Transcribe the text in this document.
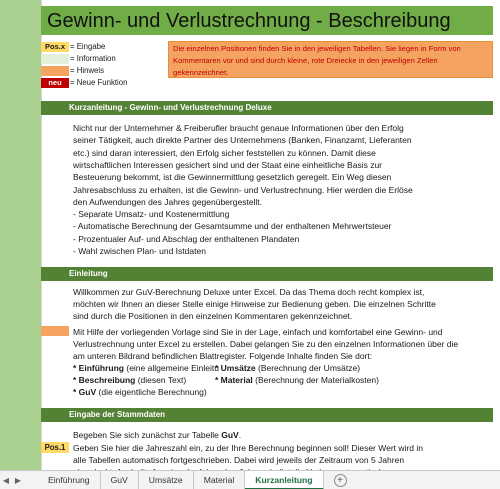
Gewinn- und Verlustrechnung - Beschreibung
Pos.x = Eingabe
= Information
= Hinweis
neu	= Neue Funktion
Die einzelnen Positionen finden Sie in den jeweiligen Tabellen. Sie liegen in Form von Kommentaren vor und sind durch kleine, rote Dreiecke in den jeweiligen Zellen gekennzeichnet.
Kurzanleitung - Gewinn- und Verlustrechnung Deluxe
Nicht nur der Unternehmer & Freiberufler braucht genaue Informationen über den Erfolg
seiner Tätigkeit, auch direkte Partner des Unternehmens (Banken, Finanzamt, Lieferanten
etc.) sind daran interessiert, den Erfolg sicher feststellen zu können. Damit diese
wirtschaftlichen Interessen gesichert sind und der Staat eine einheitliche Basis zur
Besteuerung bekommt, ist die Gewinnermittlung gesetzlich geregelt. Ein Weg diesen
Jahresabschluss zu erhalten, ist die Gewinn- und Verlustrechnung. Hier werden die Erlöse
den Aufwendungen des Jahres gegenübergestellt.
- Separate Umsatz- und Kostenermittlung
- Automatische Berechnung der Gesamtsumme und der enthaltenen Mehrwertsteuer
- Prozentualer Auf- und Abschlag der enthaltenen Plandaten
- Wahl zwischen Plan- und Istdaten
Einleitung
Willkommen zur GuV-Berechnung Deluxe unter Excel. Da das Thema doch recht komplex ist,
möchten wir Ihnen an dieser Stelle einige Hinweise zur Bedienung geben. Die einzelnen Schritte
sind durch die Positionen in den einzelnen Kommentaren gekennzeichnet.
Mit Hilfe der vorliegenden Vorlage sind Sie in der Lage, einfach und komfortabel eine Gewinn- und
Verlustrechnung unter Excel zu erstellen. Dabei gelangen Sie zu den einzelnen Informationen über die
am unteren Bildrand befindlichen Blattregister. Folgende Inhalte finden Sie dort:
* Einführung (eine allgemeine Einleitu
* Umsätze (Berechnung der Umsätze)
* Beschreibung (diesen Text)	* Material (Berechnung der Materialkosten)
* GuV (die eigentliche Berechnung)
Eingabe der Stammdaten
Begeben Sie sich zunächst zur Tabelle GuV.
Pos.1 Geben Sie hier die Jahreszahl ein, zu der Ihre Berechnung beginnen soll! Dieser Wert wird in
alle Tabellen automatisch fortgeschrieben. Dabei wird jeweils der Zeitraum von 5 Jahren
◀ ▶	Einführung	GuV	Umsätze	Material	Kurzanleitung	+
